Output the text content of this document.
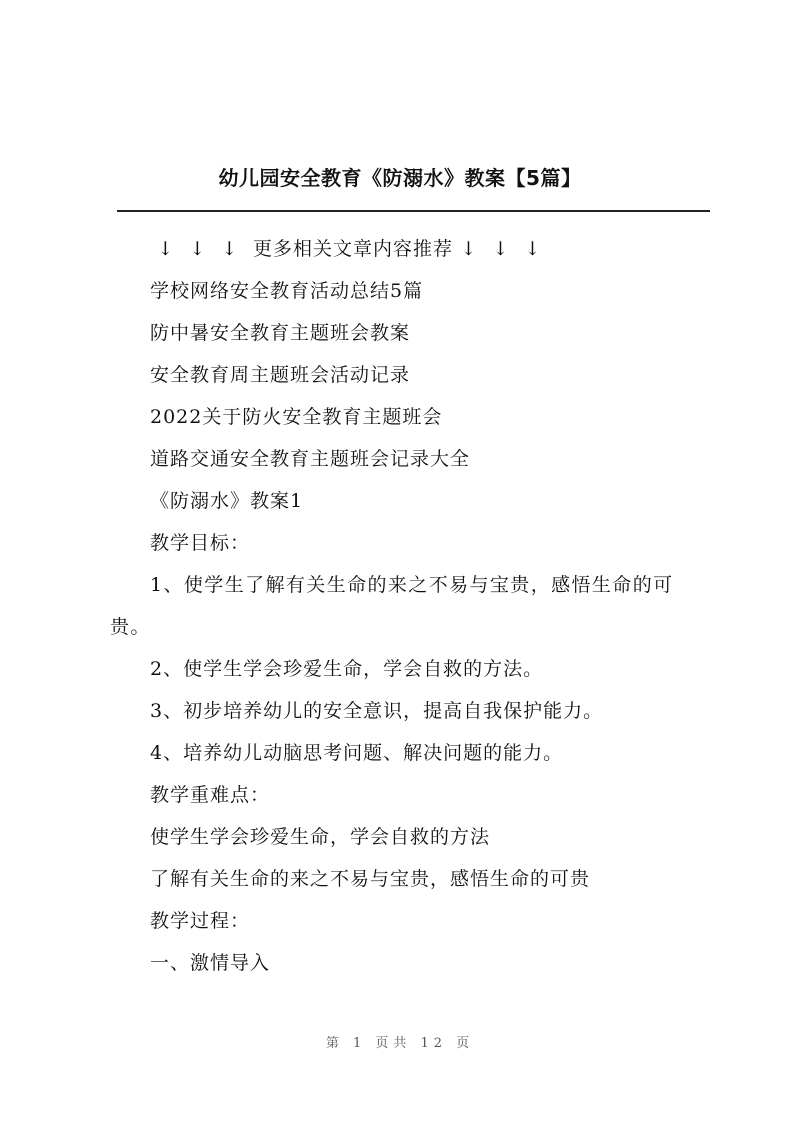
幼儿园安全教育《防溺水》教案【5篇】

↓ ↓ ↓ 更多相关文章内容推荐 ↓ ↓ ↓

学校网络安全教育活动总结5篇

防中暑安全教育主题班会教案

安全教育周主题班会活动记录

2022关于防火安全教育主题班会

道路交通安全教育主题班会记录大全

《防溺水》教案1

教学目标：

1、使学生了解有关生命的来之不易与宝贵，感悟生命的可贵。

2、使学生学会珍爱生命，学会自救的方法。

3、初步培养幼儿的安全意识，提高自我保护能力。

4、培养幼儿动脑思考问题、解决问题的能力。

教学重难点：

使学生学会珍爱生命，学会自救的方法

了解有关生命的来之不易与宝贵，感悟生命的可贵

教学过程：

一、激情导入

第 1 页共 12 页
